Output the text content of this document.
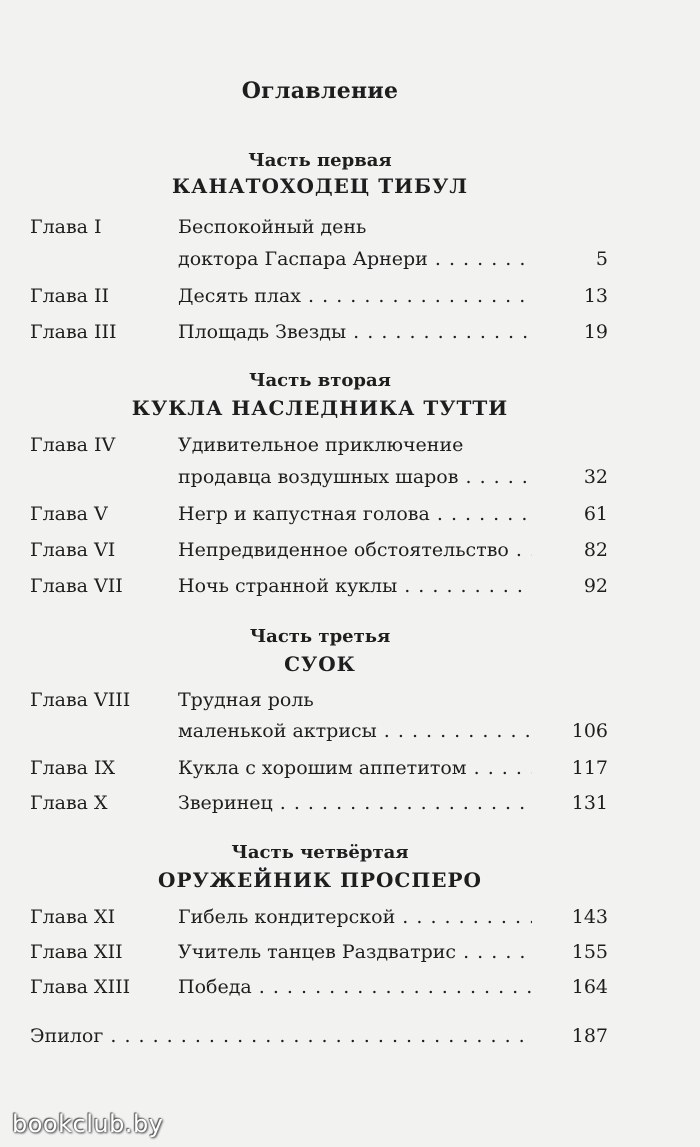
Оглавление
Часть первая
КАНАТОХОДЕЦ ТИБУЛ
Глава I	Беспокойный день
доктора Гаспара Арнери . . .	5
Глава II	Десять плах . . .	13
Глава III	Площадь Звезды . . .	19
Часть вторая
КУКЛА НАСЛЕДНИКА ТУТТИ
Глава IV	Удивительное приключение
продавца воздушных шаров . . .	32
Глава V	Негр и капустная голова . . .	61
Глава VI	Непредвиденное обстоятельство . . .	82
Глава VII	Ночь странной куклы . . .	92
Часть третья
СУОК
Глава VIII	Трудная роль
маленькой актрисы . . .	106
Глава IX	Кукла с хорошим аппетитом . . .	117
Глава X	Зверинец . . .	131
Часть четвёртая
ОРУЖЕЙНИК ПРОСПЕРО
Глава XI	Гибель кондитерской . . .	143
Глава XII	Учитель танцев Раздватрис . . .	155
Глава XIII	Победа . . .	164
Эпилог . . .	187
bookclub.by
